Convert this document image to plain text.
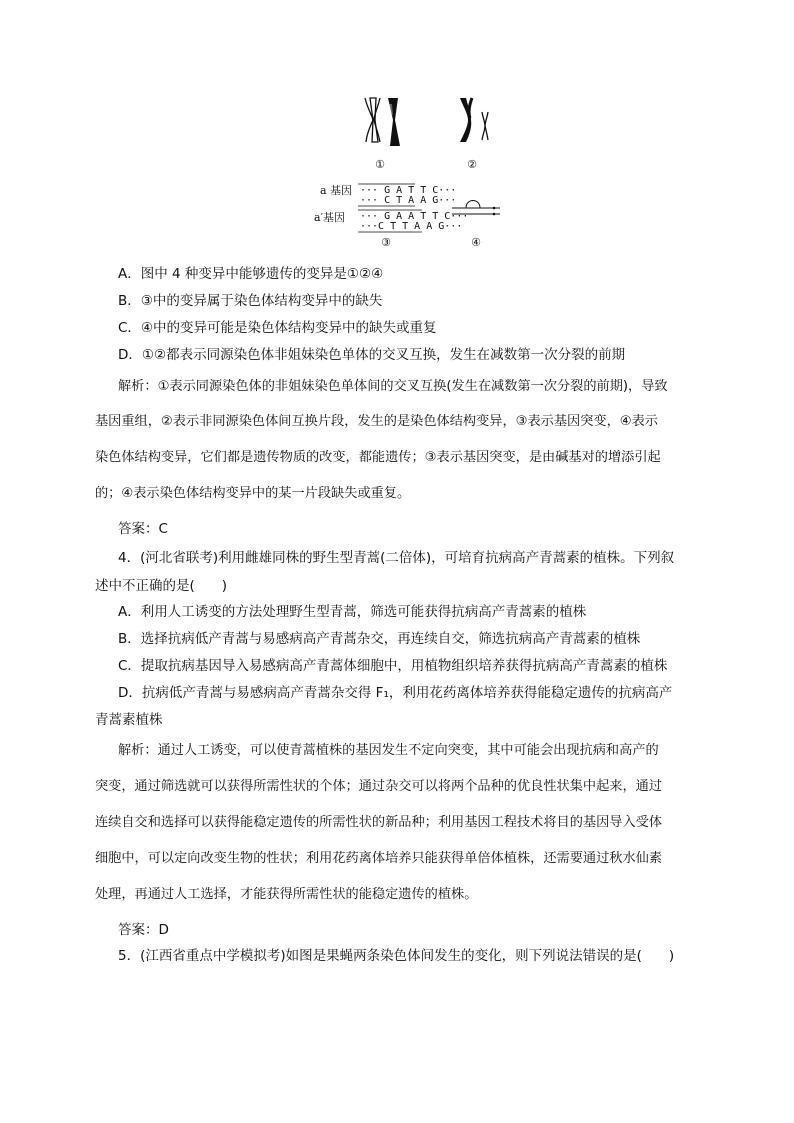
①	②
a 基因 ··· G A T T C···
··· C T A A G···
a′基因 ··· G A A T T C···
···C T T A A G···
③	④
A．图中 4 种变异中能够遗传的变异是①②④
B．③中的变异属于染色体结构变异中的缺失
C．④中的变异可能是染色体结构变异中的缺失或重复
D．①②都表示同源染色体非姐妹染色单体的交叉互换，发生在减数第一次分裂的前期
解析：①表示同源染色体的非姐妹染色单体间的交叉互换(发生在减数第一次分裂的前期)，导致
基因重组，②表示非同源染色体间互换片段，发生的是染色体结构变异，③表示基因突变，④表示
染色体结构变异，它们都是遗传物质的改变，都能遗传；③表示基因突变，是由碱基对的增添引起
的；④表示染色体结构变异中的某一片段缺失或重复。
答案：C
4．(河北省联考)利用雌雄同株的野生型青蒿(二倍体)，可培育抗病高产青蒿素的植株。下列叙
述中不正确的是(　　)
A．利用人工诱变的方法处理野生型青蒿，筛选可能获得抗病高产青蒿素的植株
B．选择抗病低产青蒿与易感病高产青蒿杂交，再连续自交，筛选抗病高产青蒿素的植株
C．提取抗病基因导入易感病高产青蒿体细胞中，用植物组织培养获得抗病高产青蒿素的植株
D．抗病低产青蒿与易感病高产青蒿杂交得 F₁，利用花药离体培养获得能稳定遗传的抗病高产
青蒿素植株
解析：通过人工诱变，可以使青蒿植株的基因发生不定向突变，其中可能会出现抗病和高产的
突变，通过筛选就可以获得所需性状的个体；通过杂交可以将两个品种的优良性状集中起来，通过
连续自交和选择可以获得能稳定遗传的所需性状的新品种；利用基因工程技术将目的基因导入受体
细胞中，可以定向改变生物的性状；利用花药离体培养只能获得单倍体植株，还需要通过秋水仙素
处理，再通过人工选择，才能获得所需性状的能稳定遗传的植株。
答案：D
5．(江西省重点中学模拟考)如图是果蝇两条染色体间发生的变化，则下列说法错误的是(　　)
